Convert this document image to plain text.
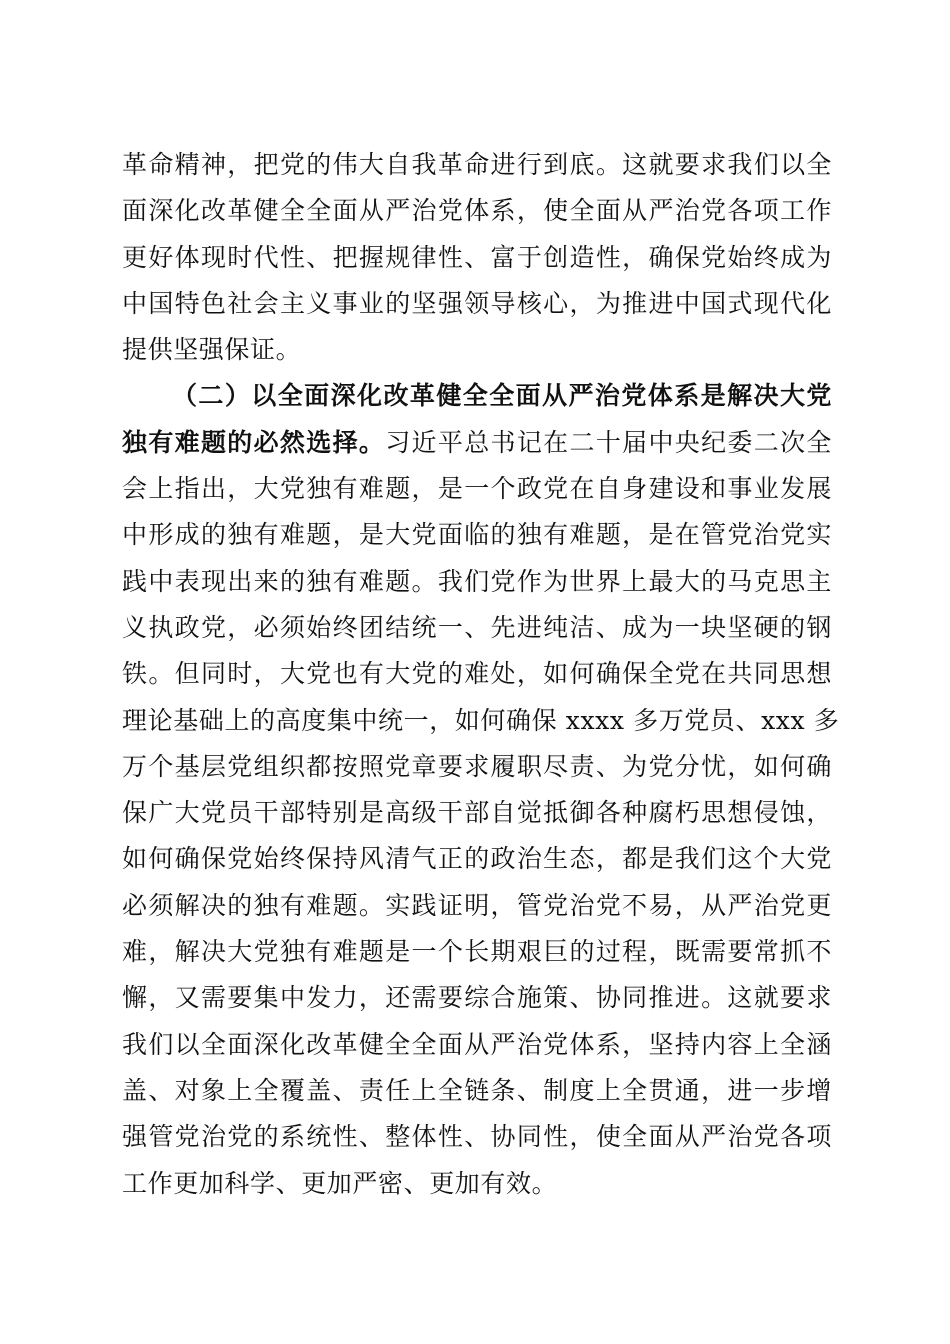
革命精神，把党的伟大自我革命进行到底。这就要求我们以全
面深化改革健全全面从严治党体系，使全面从严治党各项工作
更好体现时代性、把握规律性、富于创造性，确保党始终成为
中国特色社会主义事业的坚强领导核心，为推进中国式现代化
提供坚强保证。
（二）以全面深化改革健全全面从严治党体系是解决大党
独有难题的必然选择。习近平总书记在二十届中央纪委二次全
会上指出，大党独有难题，是一个政党在自身建设和事业发展
中形成的独有难题，是大党面临的独有难题，是在管党治党实
践中表现出来的独有难题。我们党作为世界上最大的马克思主
义执政党，必须始终团结统一、先进纯洁、成为一块坚硬的钢
铁。但同时，大党也有大党的难处，如何确保全党在共同思想
理论基础上的高度集中统一，如何确保 xxxx 多万党员、xxx 多
万个基层党组织都按照党章要求履职尽责、为党分忧，如何确
保广大党员干部特别是高级干部自觉抵御各种腐朽思想侵蚀，
如何确保党始终保持风清气正的政治生态，都是我们这个大党
必须解决的独有难题。实践证明，管党治党不易，从严治党更
难，解决大党独有难题是一个长期艰巨的过程，既需要常抓不
懈，又需要集中发力，还需要综合施策、协同推进。这就要求
我们以全面深化改革健全全面从严治党体系，坚持内容上全涵
盖、对象上全覆盖、责任上全链条、制度上全贯通，进一步增
强管党治党的系统性、整体性、协同性，使全面从严治党各项
工作更加科学、更加严密、更加有效。
